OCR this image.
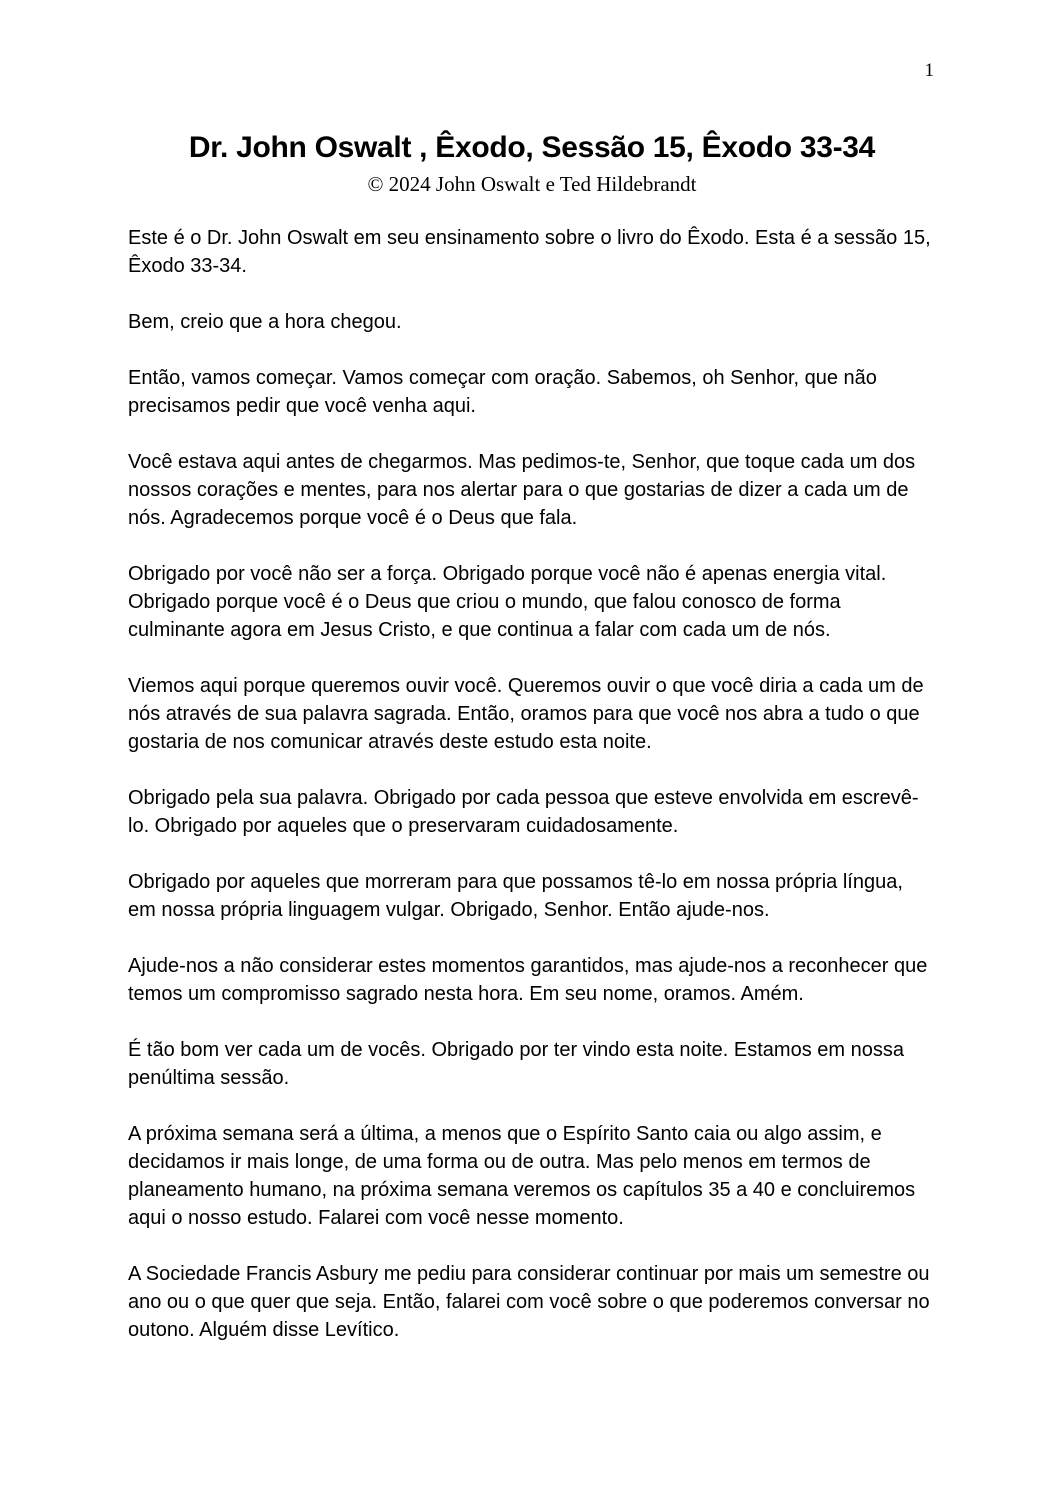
1
Dr. John Oswalt , Êxodo, Sessão 15, Êxodo 33-34
© 2024 John Oswalt e Ted Hildebrandt

Este é o Dr. John Oswalt em seu ensinamento sobre o livro do Êxodo. Esta é a sessão 15, Êxodo 33-34.

Bem, creio que a hora chegou.

Então, vamos começar. Vamos começar com oração. Sabemos, oh Senhor, que não precisamos pedir que você venha aqui.

Você estava aqui antes de chegarmos. Mas pedimos-te, Senhor, que toque cada um dos nossos corações e mentes, para nos alertar para o que gostarias de dizer a cada um de nós. Agradecemos porque você é o Deus que fala.

Obrigado por você não ser a força. Obrigado porque você não é apenas energia vital. Obrigado porque você é o Deus que criou o mundo, que falou conosco de forma culminante agora em Jesus Cristo, e que continua a falar com cada um de nós.

Viemos aqui porque queremos ouvir você. Queremos ouvir o que você diria a cada um de nós através de sua palavra sagrada. Então, oramos para que você nos abra a tudo o que gostaria de nos comunicar através deste estudo esta noite.

Obrigado pela sua palavra. Obrigado por cada pessoa que esteve envolvida em escrevê-lo. Obrigado por aqueles que o preservaram cuidadosamente.

Obrigado por aqueles que morreram para que possamos tê-lo em nossa própria língua, em nossa própria linguagem vulgar. Obrigado, Senhor. Então ajude-nos.

Ajude-nos a não considerar estes momentos garantidos, mas ajude-nos a reconhecer que temos um compromisso sagrado nesta hora. Em seu nome, oramos. Amém.

É tão bom ver cada um de vocês. Obrigado por ter vindo esta noite. Estamos em nossa penúltima sessão.

A próxima semana será a última, a menos que o Espírito Santo caia ou algo assim, e decidamos ir mais longe, de uma forma ou de outra. Mas pelo menos em termos de planeamento humano, na próxima semana veremos os capítulos 35 a 40 e concluiremos aqui o nosso estudo. Falarei com você nesse momento.

A Sociedade Francis Asbury me pediu para considerar continuar por mais um semestre ou ano ou o que quer que seja. Então, falarei com você sobre o que poderemos conversar no outono. Alguém disse Levítico.
